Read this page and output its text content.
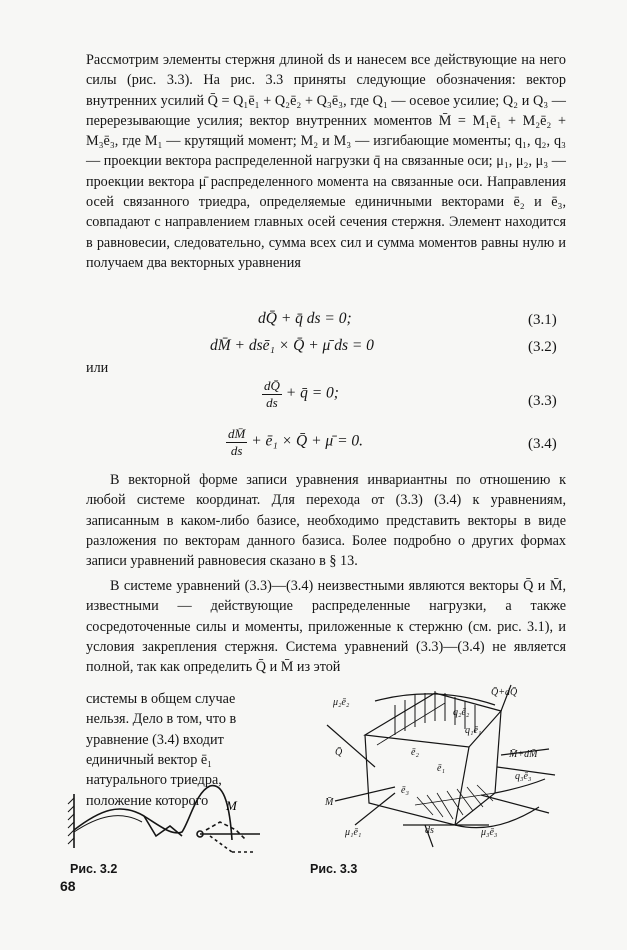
Рассмотрим элементы стержня длиной ds и нанесем все действующие на него силы (рис. 3.3). На рис. 3.3 приняты следующие обозначения: вектор внутренних усилий Q̄ = Q₁ē₁ + Q₂ē₂ + Q₃ē₃, где Q₁ — осевое усилие; Q₂ и Q₃ — перерезывающие усилия; вектор внутренних моментов M̄ = M₁ē₁ + M₂ē₂ + M₃ē₃, где M₁ — крутящий момент; M₂ и M₃ — изгибающие моменты; q₁, q₂, q₃ — проекции вектора распределенной нагрузки q̄ на связанные оси; μ₁, μ₂, μ₃ — проекции вектора μ̄ распределенного момента на связанные оси. Направления осей связанного триедра, определяемые единичными векторами ē₂ и ē₃, совпадают с направлением главных осей сечения стержня. Элемент находится в равновесии, следовательно, сумма всех сил и сумма моментов равны нулю и получаем два векторных уравнения

dQ̄ + q̄ ds = 0;	(3.1)
dM̄ + dsē₁ × Q̄ + μ̄ ds = 0	(3.2)
или
$\frac{dQ̄}{ds}$ + q̄ = 0;	(3.3)
$\frac{dM̄}{ds}$ + ē₁ × Q̄ + μ̄ = 0.	(3.4)

В векторной форме записи уравнения инвариантны по отношению к любой системе координат. Для перехода от (3.3) (3.4) к уравнениям, записанным в каком-либо базисе, необходимо представить векторы в виде разложения по векторам данного базиса. Более подробно о других формах записи уравнений равновесия сказано в § 13.

В системе уравнений (3.3)—(3.4) неизвестными являются векторы Q̄ и M̄, известными — действующие распределенные нагрузки, а также сосредоточенные силы и моменты, приложенные к стержню (см. рис. 3.1), и условия закрепления стержня. Система уравнений (3.3)—(3.4) не является полной, так как определить Q̄ и M̄ из этой

системы в общем случае нельзя. Дело в том, что в уравнение (3.4) входит единичный вектор ē₁ натурального триедра, положение которого	M
μ₂ē₂
q₂ē₂
q₁ē₁
Q̄+dQ̄
Q̄	ē₂
ē₁
M̄+dM̄
q₃ē₃
ē₃
M̄
μ₁ē₁	ds	μ₃ē₃
Рис. 3.2	Рис. 3.3
68
